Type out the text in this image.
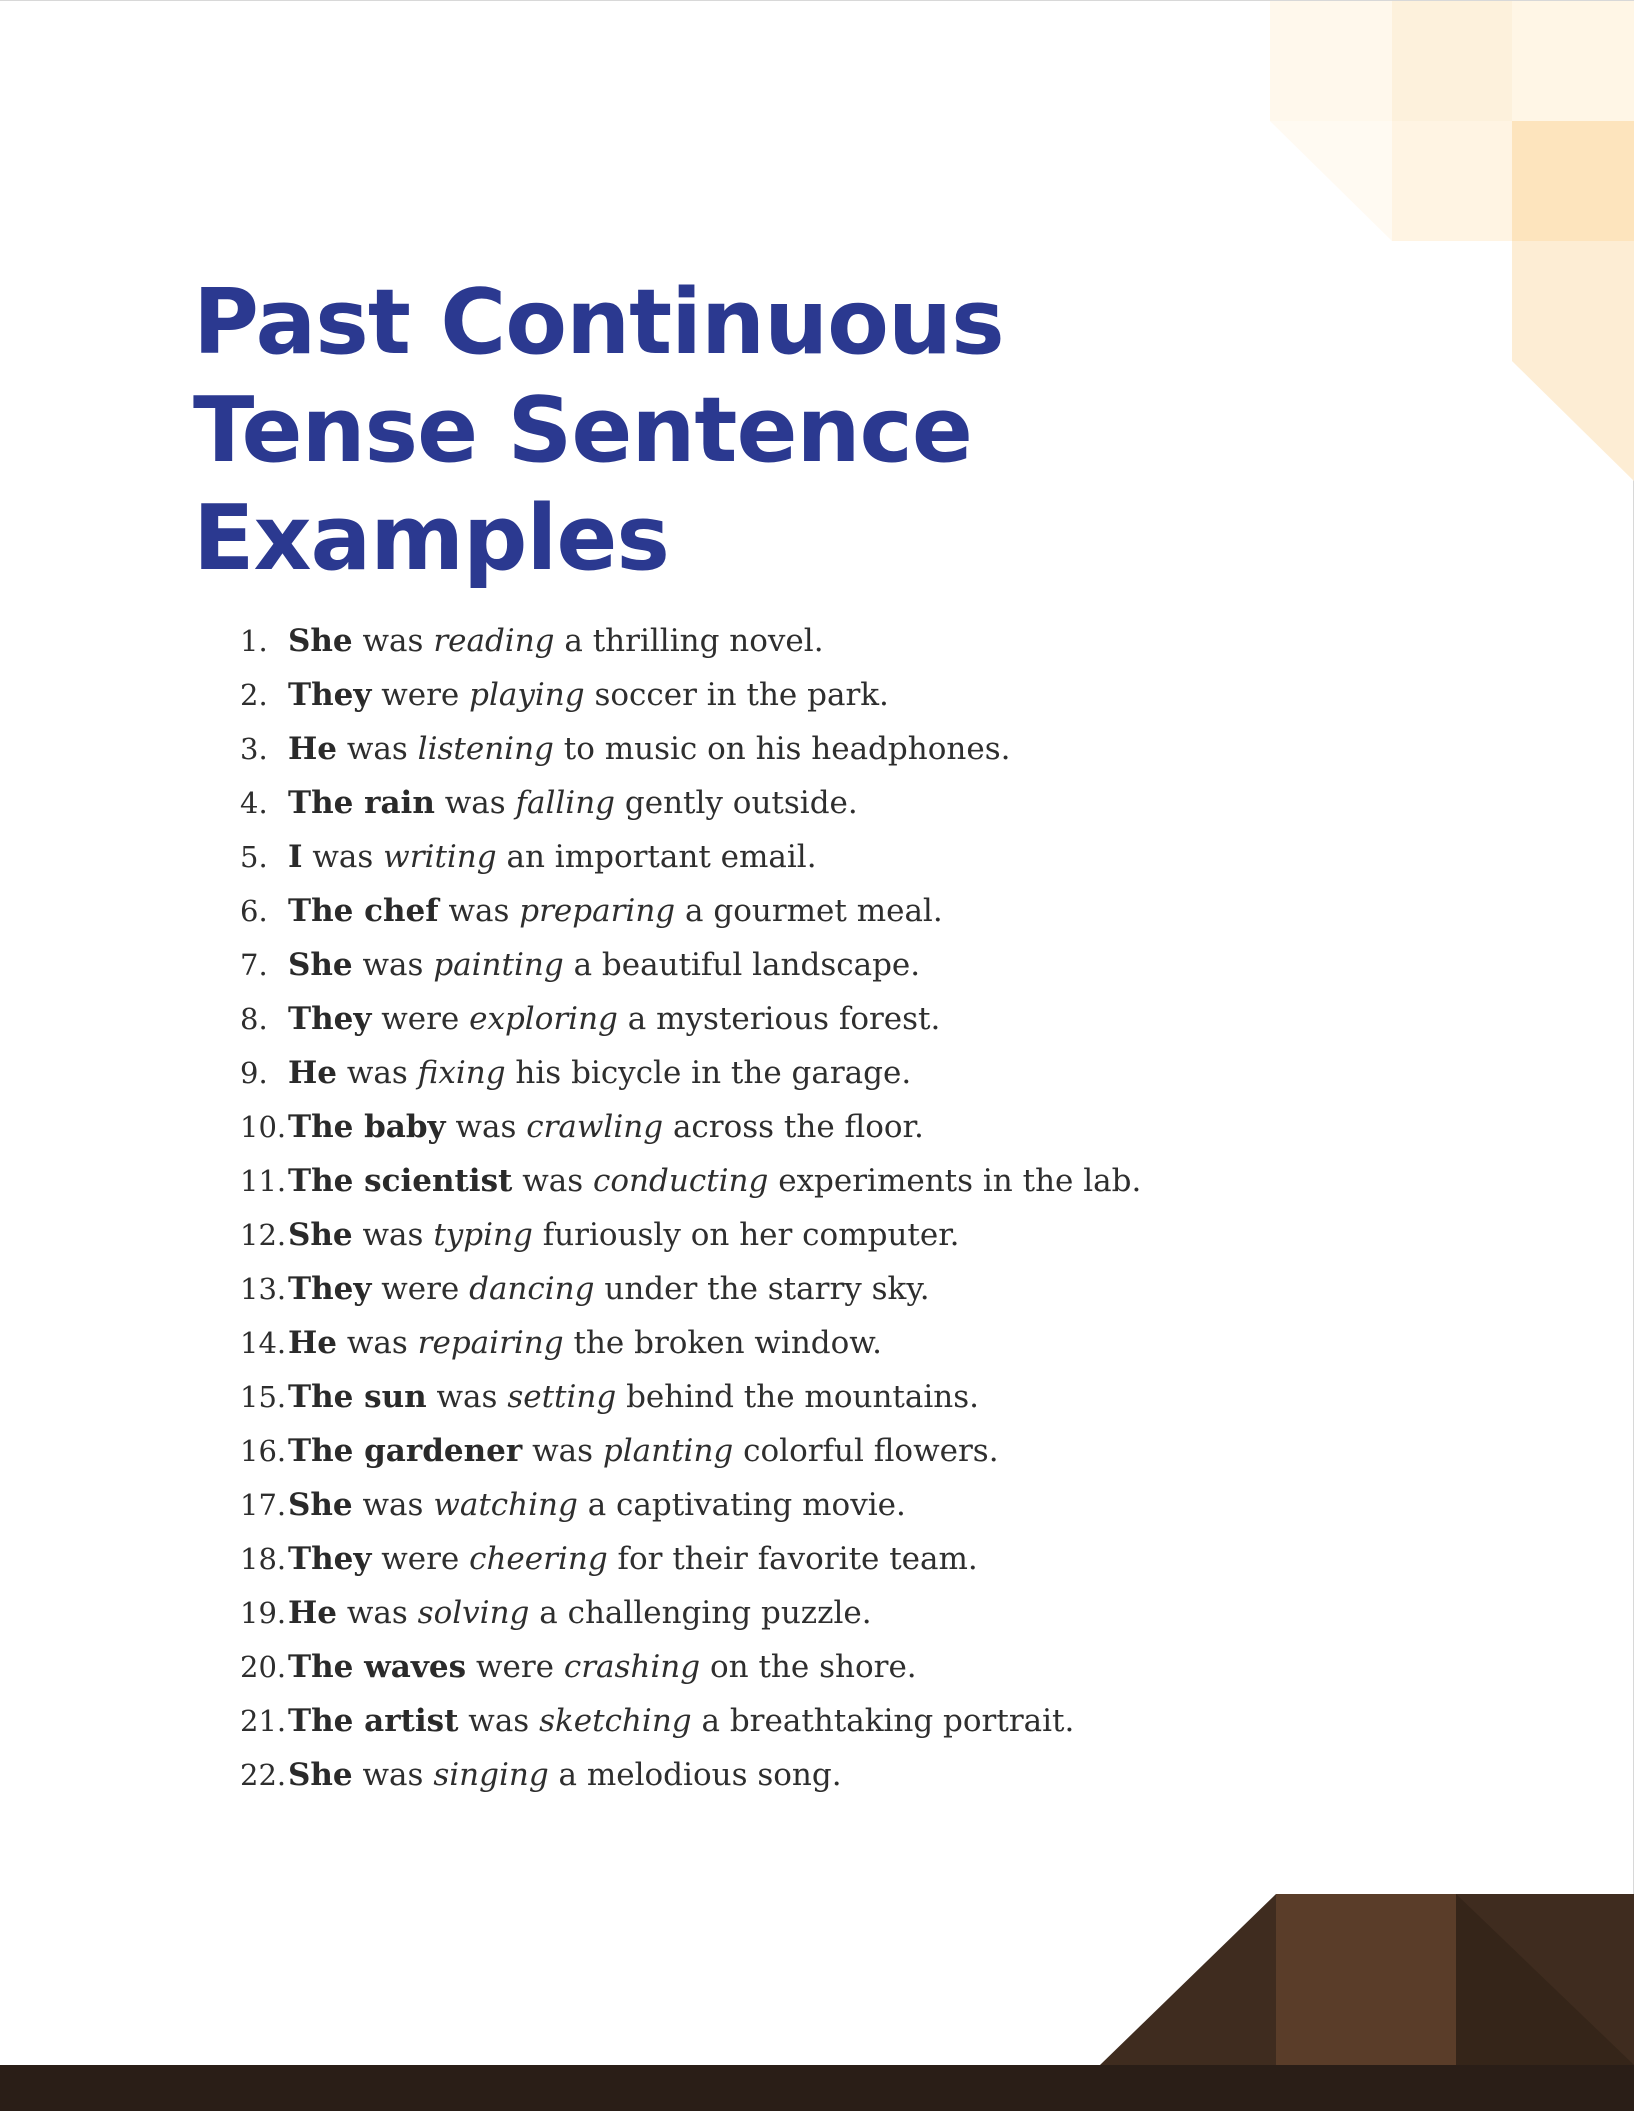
Past Continuous
Tense Sentence
Examples
1. She was reading a thrilling novel.
2. They were playing soccer in the park.
3. He was listening to music on his headphones.
4. The rain was falling gently outside.
5. I was writing an important email.
6. The chef was preparing a gourmet meal.
7. She was painting a beautiful landscape.
8. They were exploring a mysterious forest.
9. He was fixing his bicycle in the garage.
10. The baby was crawling across the floor.
11. The scientist was conducting experiments in the lab.
12. She was typing furiously on her computer.
13. They were dancing under the starry sky.
14. He was repairing the broken window.
15. The sun was setting behind the mountains.
16. The gardener was planting colorful flowers.
17. She was watching a captivating movie.
18. They were cheering for their favorite team.
19. He was solving a challenging puzzle.
20. The waves were crashing on the shore.
21. The artist was sketching a breathtaking portrait.
22. She was singing a melodious song.
